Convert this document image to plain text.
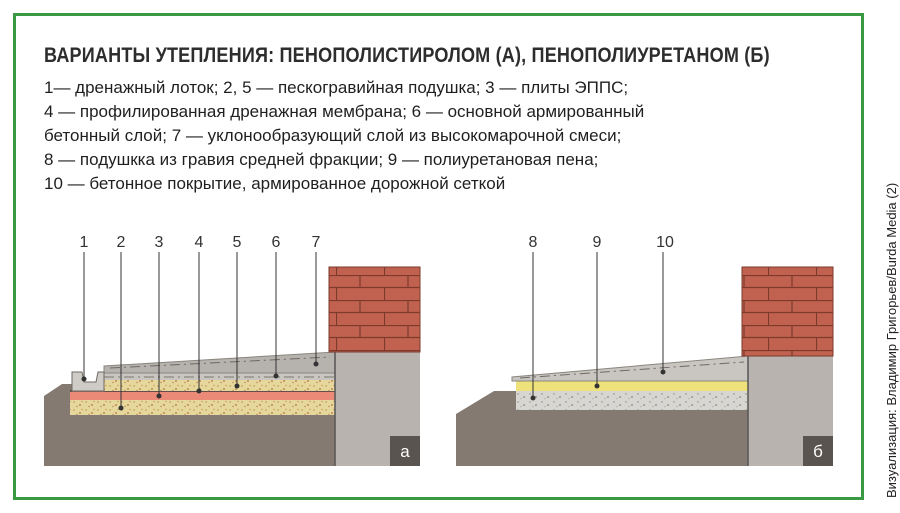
ВАРИАНТЫ УТЕПЛЕНИЯ: ПЕНОПОЛИСТИРОЛОМ (А), ПЕНОПОЛИУРЕТАНОМ (Б)
1— дренажный лоток; 2, 5 — пескогравийная подушка; 3 — плиты ЭППС;
4 — профилированная дренажная мембрана; 6 — основной армированный
бетонный слой; 7 — уклонообразующий слой из высокомарочной смеси;
8 — подушкка из гравия средней фракции; 9 — полиуретановая пена;
10 — бетонное покрытие, армированное дорожной сеткой	Визуализация: Владимир Григорьев/Burda Media (2)
а
1 2 3 4 5 6 7
б
8	9	10
